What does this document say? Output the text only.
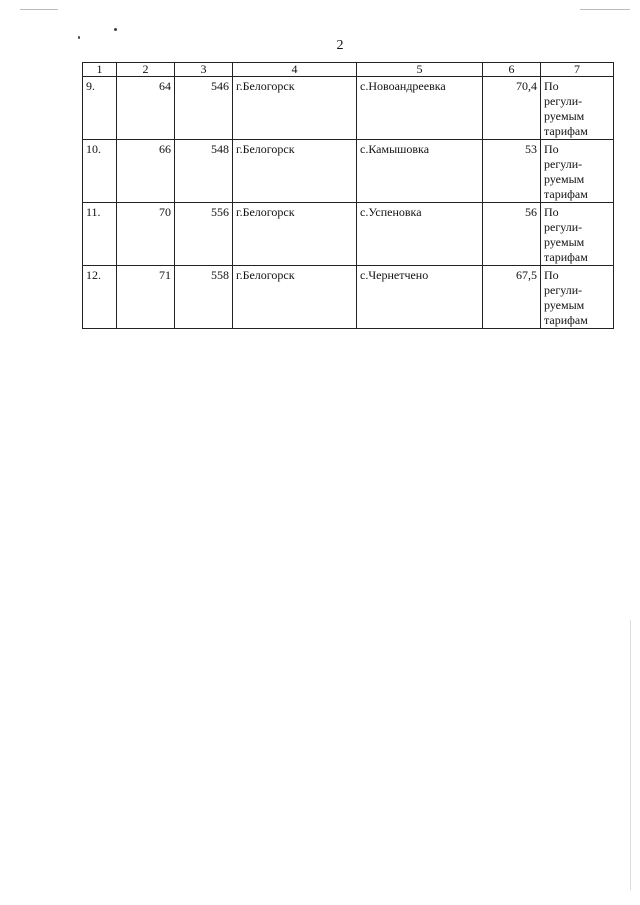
2
1	2	3	4	5	6	7
9.	64	546	г.Белогорск	с.Новоандреевка	70,4	По
регули-
руемым
тарифам
10.	66	548	г.Белогорск	с.Камышовка	53	По
регули-
руемым
тарифам
11.	70	556	г.Белогорск	с.Успеновка	56	По
регули-
руемым
тарифам
12.	71	558	г.Белогорск	с.Чернетчено	67,5	По
регули-
руемым
тарифам
